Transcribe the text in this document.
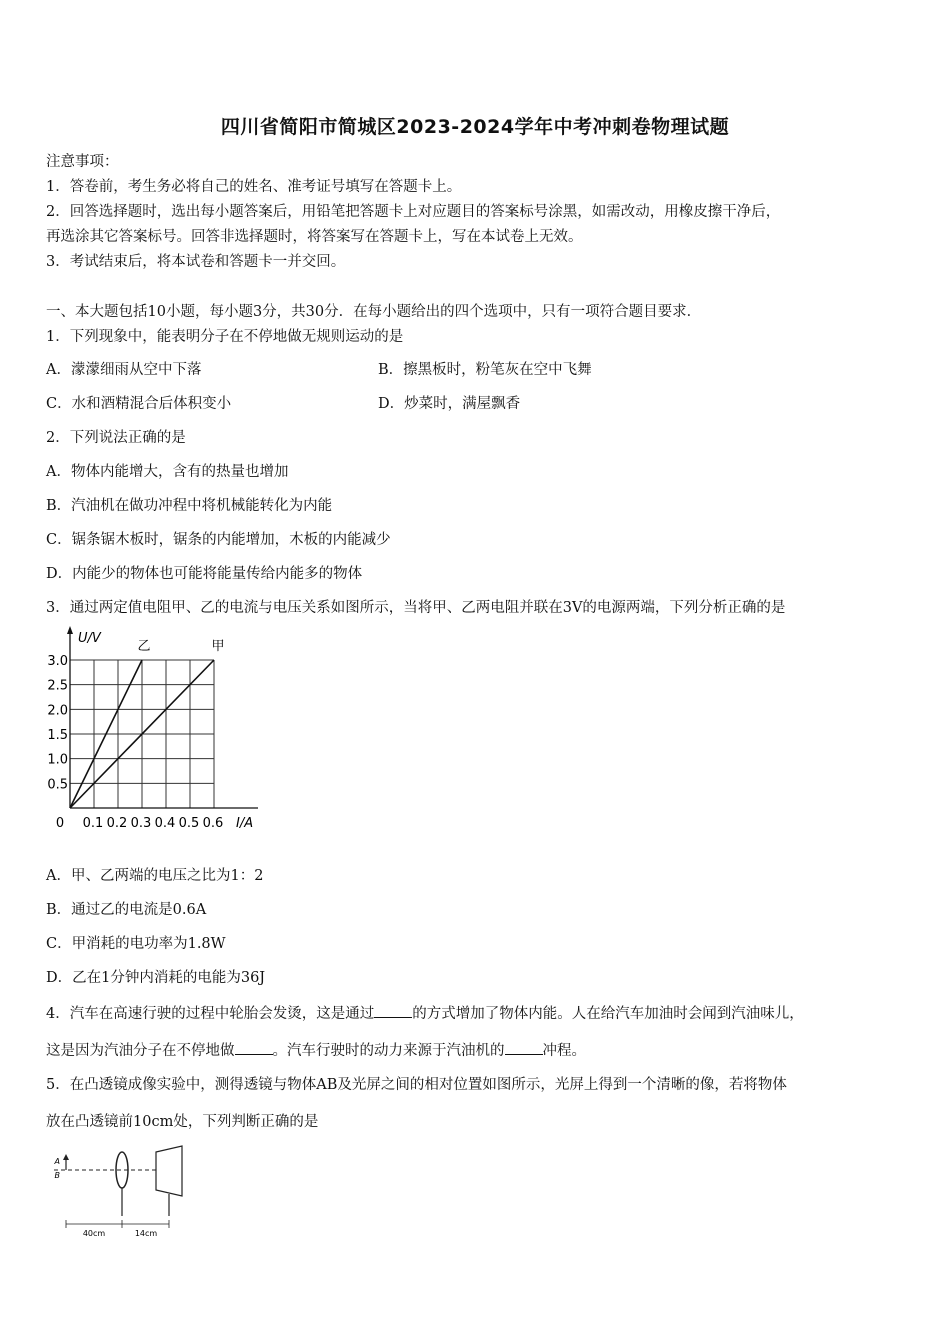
四川省简阳市简城区2023-2024学年中考冲刺卷物理试题
注意事项：
1．答卷前，考生务必将自己的姓名、准考证号填写在答题卡上。
2．回答选择题时，选出每小题答案后，用铅笔把答题卡上对应题目的答案标号涂黑，如需改动，用橡皮擦干净后，
再选涂其它答案标号。回答非选择题时，将答案写在答题卡上，写在本试卷上无效。
3．考试结束后，将本试卷和答题卡一并交回。
一、本大题包括10小题，每小题3分，共30分．在每小题给出的四个选项中，只有一项符合题目要求．
1．下列现象中，能表明分子在不停地做无规则运动的是
A．濛濛细雨从空中下落	B．擦黑板时，粉笔灰在空中飞舞
C．水和酒精混合后体积变小	D．炒菜时，满屋飘香
2．下列说法正确的是
A．物体内能增大，含有的热量也增加
B．汽油机在做功冲程中将机械能转化为内能
C．锯条锯木板时，锯条的内能增加，木板的内能减少
D．内能少的物体也可能将能量传给内能多的物体
3．通过两定值电阻甲、乙的电流与电压关系如图所示，当将甲、乙两电阻并联在3V的电源两端，下列分析正确的是
乙	甲
0.5
1.0
1.5
2.0
2.5
3.0
0.1 0.2 0.3 0.4 0.5 0.6
0
U/V
I/A
A．甲、乙两端的电压之比为1：2
B．通过乙的电流是0.6A
C．甲消耗的电功率为1.8W
D．乙在1分钟内消耗的电能为36J
4．汽车在高速行驶的过程中轮胎会发烫，这是通过	的方式增加了物体内能。人在给汽车加油时会闻到汽油味儿，
这是因为汽油分子在不停地做	。汽车行驶时的动力来源于汽油机的	冲程。
5．在凸透镜成像实验中，测得透镜与物体AB及光屏之间的相对位置如图所示，光屏上得到一个清晰的像，若将物体
放在凸透镜前10cm处，下列判断正确的是
A
B
40cm	14cm
